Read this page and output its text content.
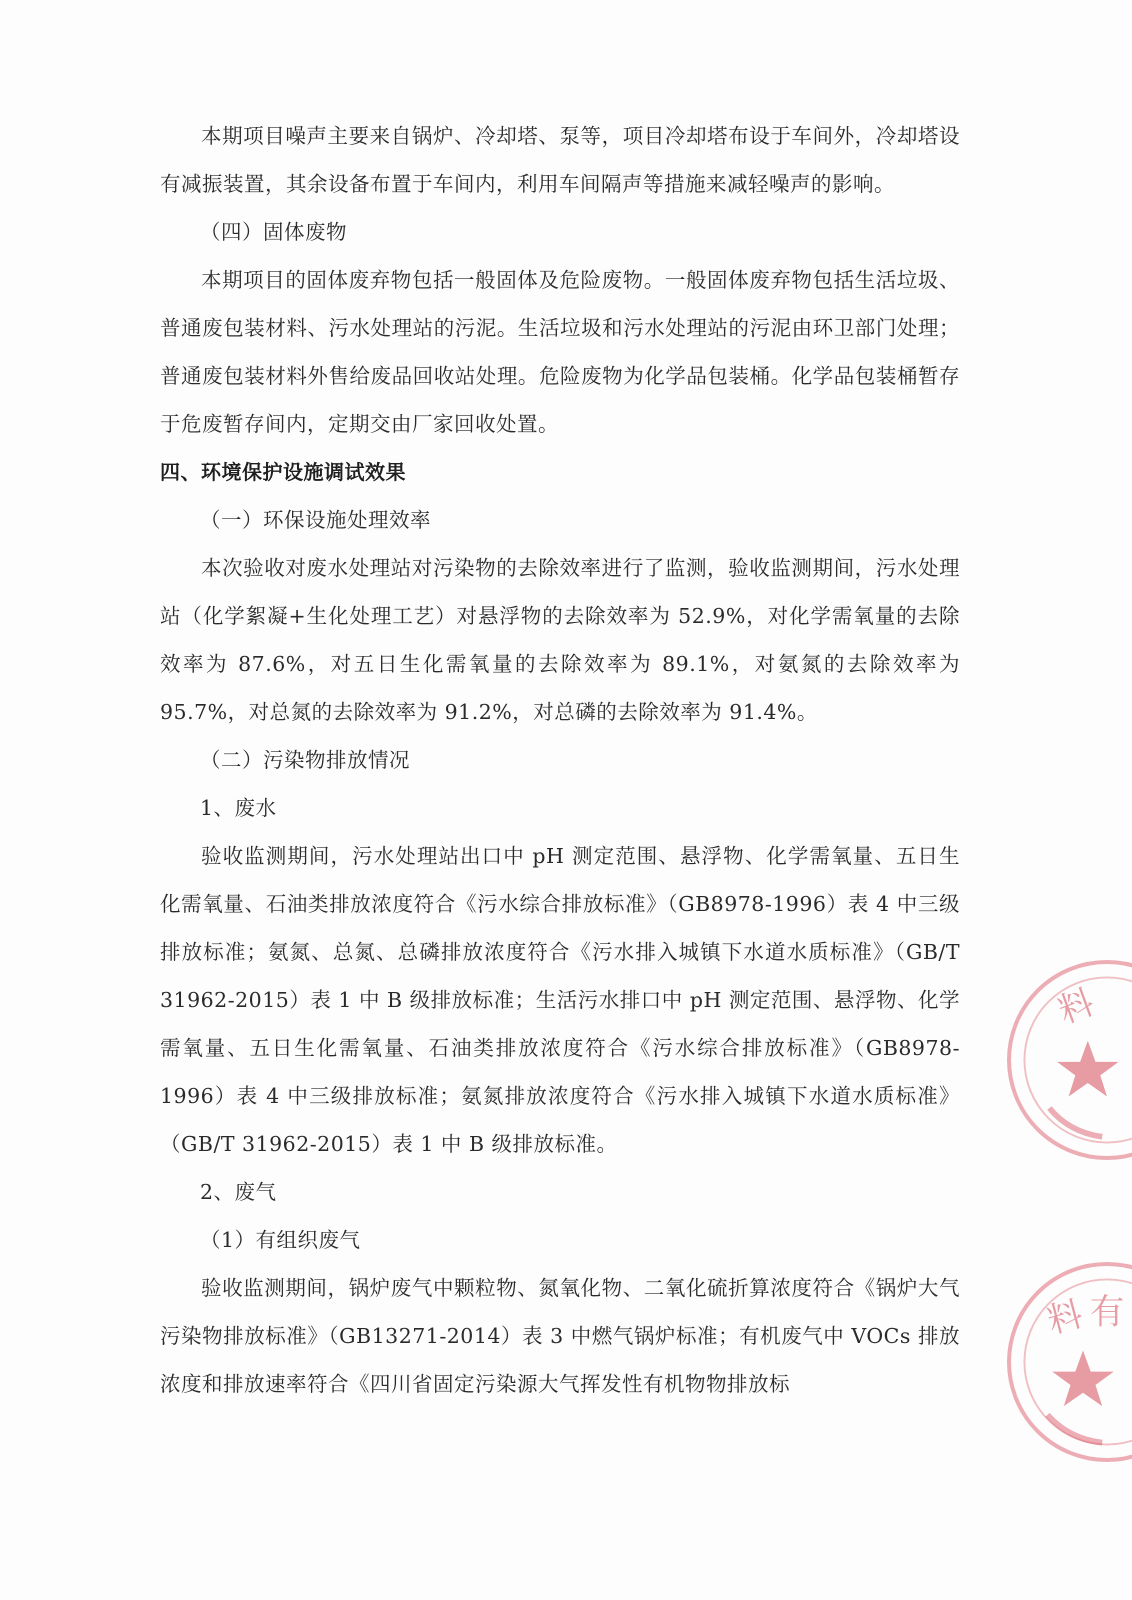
本期项目噪声主要来自锅炉、冷却塔、泵等，项目冷却塔布设于车间外，冷却塔设有减振装置，其余设备布置于车间内，利用车间隔声等措施来减轻噪声的影响。

（四）固体废物

本期项目的固体废弃物包括一般固体及危险废物。一般固体废弃物包括生活垃圾、普通废包装材料、污水处理站的污泥。生活垃圾和污水处理站的污泥由环卫部门处理；普通废包装材料外售给废品回收站处理。危险废物为化学品包装桶。化学品包装桶暂存于危废暂存间内，定期交由厂家回收处置。

四、环境保护设施调试效果

（一）环保设施处理效率

本次验收对废水处理站对污染物的去除效率进行了监测，验收监测期间，污水处理站（化学絮凝+生化处理工艺）对悬浮物的去除效率为 52.9%，对化学需氧量的去除效率为 87.6%，对五日生化需氧量的去除效率为 89.1%，对氨氮的去除效率为 95.7%，对总氮的去除效率为 91.2%，对总磷的去除效率为 91.4%。

（二）污染物排放情况

1、废水

验收监测期间，污水处理站出口中 pH 测定范围、悬浮物、化学需氧量、五日生化需氧量、石油类排放浓度符合《污水综合排放标准》（GB8978-1996）表 4 中三级排放标准；氨氮、总氮、总磷排放浓度符合《污水排入城镇下水道水质标准》（GB/T 31962-2015）表 1 中 B 级排放标准；生活污水排口中 pH 测定范围、悬浮物、化学需氧量、五日生化需氧量、石油类排放浓度符合《污水综合排放标准》（GB8978-1996）表 4 中三级排放标准；氨氮排放浓度符合《污水排入城镇下水道水质标准》（GB/T 31962-2015）表 1 中 B 级排放标准。

2、废气

（1）有组织废气

验收监测期间，锅炉废气中颗粒物、氮氧化物、二氧化硫折算浓度符合《锅炉大气污染物排放标准》（GB13271-2014）表 3 中燃气锅炉标准；有机废气中 VOCs 排放浓度和排放速率符合《四川省固定污染源大气挥发性有机物物排放标

料
料 有
